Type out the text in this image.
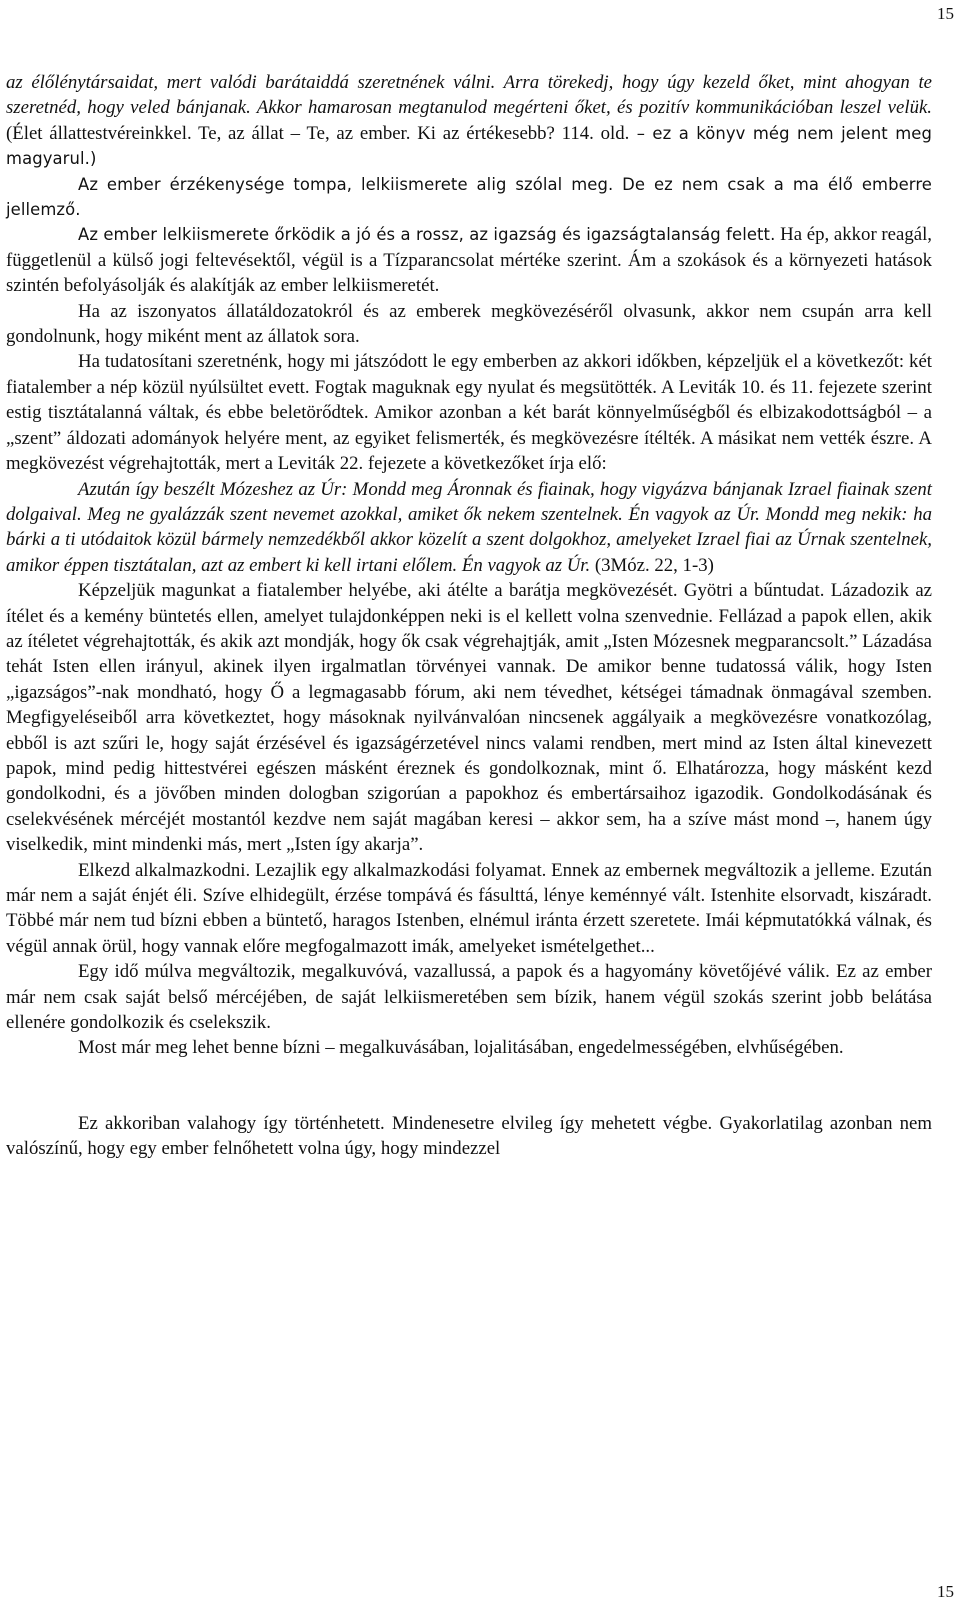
15

az élőlénytársaidat, mert valódi barátaiddá szeretnének válni. Arra törekedj, hogy úgy kezeld őket, mint ahogyan te szeretnéd, hogy veled bánjanak. Akkor hamarosan megtanulod megérteni őket, és pozitív kommunikációban leszel velük. (Élet állattestvéreinkkel. Te, az állat – Te, az ember. Ki az értékesebb? 114. old. – ez a könyv még nem jelent meg magyarul.)

Az ember érzékenysége tompa, lelkiismerete alig szólal meg. De ez nem csak a ma élő emberre jellemző.

Az ember lelkiismerete őrködik a jó és a rossz, az igazság és igazságtalanság felett. Ha ép, akkor reagál, függetlenül a külső jogi feltevésektől, végül is a Tízparancsolat mértéke szerint. Ám a szokások és a környezeti hatások szintén befolyásolják és alakítják az ember lelkiismeretét.

Ha az iszonyatos állatáldozatokról és az emberek megkövezéséről olvasunk, akkor nem csupán arra kell gondolnunk, hogy miként ment az állatok sora.

Ha tudatosítani szeretnénk, hogy mi játszódott le egy emberben az akkori időkben, képzeljük el a következőt: két fiatalember a nép közül nyúlsültet evett. Fogtak maguknak egy nyulat és megsütötték. A Leviták 10. és 11. fejezete szerint estig tisztátalanná váltak, és ebbe beletörődtek. Amikor azonban a két barát könnyelműségből és elbizakodottságból – a „szent” áldozati adományok helyére ment, az egyiket felismerték, és megkövezésre ítélték. A másikat nem vették észre. A megkövezést végrehajtották, mert a Leviták 22. fejezete a következőket írja elő:

Azután így beszélt Mózeshez az Úr: Mondd meg Áronnak és fiainak, hogy vigyázva bánjanak Izrael fiainak szent dolgaival. Meg ne gyalázzák szent nevemet azokkal, amiket ők nekem szentelnek. Én vagyok az Úr. Mondd meg nekik: ha bárki a ti utódaitok közül bármely nemzedékből akkor közelít a szent dolgokhoz, amelyeket Izrael fiai az Úrnak szentelnek, amikor éppen tisztátalan, azt az embert ki kell irtani előlem. Én vagyok az Úr. (3Móz. 22, 1-3)

Képzeljük magunkat a fiatalember helyébe, aki átélte a barátja megkövezését. Gyötri a bűntudat. Lázadozik az ítélet és a kemény büntetés ellen, amelyet tulajdonképpen neki is el kellett volna szenvednie. Fellázad a papok ellen, akik az ítéletet végrehajtották, és akik azt mondják, hogy ők csak végrehajtják, amit „Isten Mózesnek megparancsolt.” Lázadása tehát Isten ellen irányul, akinek ilyen irgalmatlan törvényei vannak. De amikor benne tudatossá válik, hogy Isten „igazságos”-nak mondható, hogy Ő a legmagasabb fórum, aki nem tévedhet, kétségei támadnak önmagával szemben. Megfigyeléseiből arra következtet, hogy másoknak nyilvánvalóan nincsenek aggályaik a megkövezésre vonatkozólag, ebből is azt szűri le, hogy saját érzésével és igazságérzetével nincs valami rendben, mert mind az Isten által kinevezett papok, mind pedig hittestvérei egészen másként éreznek és gondolkoznak, mint ő. Elhatározza, hogy másként kezd gondolkodni, és a jövőben minden dologban szigorúan a papokhoz és embertársaihoz igazodik. Gondolkodásának és cselekvésének mércéjét mostantól kezdve nem saját magában keresi – akkor sem, ha a szíve mást mond –, hanem úgy viselkedik, mint mindenki más, mert „Isten így akarja”.

Elkezd alkalmazkodni. Lezajlik egy alkalmazkodási folyamat. Ennek az embernek megváltozik a jelleme. Ezután már nem a saját énjét éli. Szíve elhidegült, érzése tompává és fásulttá, lénye keménnyé vált. Istenhite elsorvadt, kiszáradt. Többé már nem tud bízni ebben a büntető, haragos Istenben, elnémul iránta érzett szeretete. Imái képmutatókká válnak, és végül annak örül, hogy vannak előre megfogalmazott imák, amelyeket ismételgethet...

Egy idő múlva megváltozik, megalkuvóvá, vazallussá, a papok és a hagyomány követőjévé válik. Ez az ember már nem csak saját belső mércéjében, de saját lelkiismeretében sem bízik, hanem végül szokás szerint jobb belátása ellenére gondolkozik és cselekszik.

Most már meg lehet benne bízni – megalkuvásában, lojalitásában, engedelmességében, elvhűségében.

Ez akkoriban valahogy így történhetett. Mindenesetre elvileg így mehetett végbe. Gyakorlatilag azonban nem valószínű, hogy egy ember felnőhetett volna úgy, hogy mindezzel

15
